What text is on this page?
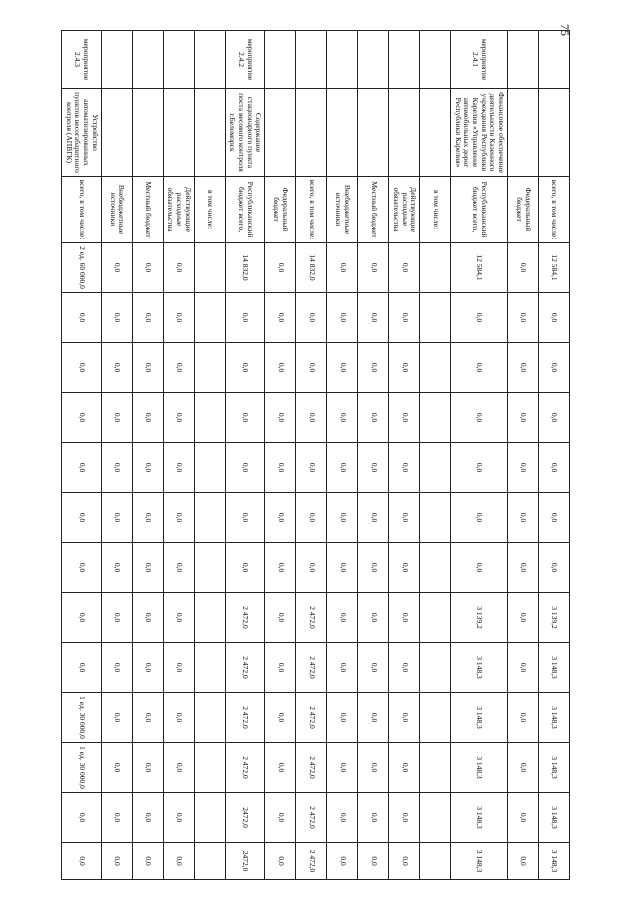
75
		всего, в том числе:	12 584,1	0,0	0,0	0,0	0,0	0,0	0,0	3 139,2	3 148,3	3 148,3	3 148,3	3 148,3	3 148,3
		Федеральный бюджет	0,0	0,0	0,0	0,0	0,0	0,0	0,0	0,0	0,0	0,0	0,0	0,0	0,0
мероприятие 2.4.1	Финансовое обеспечение деятельности Казенного учреждения Республики Карелия «Управление автомобильных дорог Республики Карелия»	Республиканский бюджет всего,	12 584,1	0,0	0,0	0,0	0,0	0,0	0,0	3 139,2	3 148,3	3 148,3	3 148,3	3 148,3	3 148,3
		в том числе:													
		Действующие расходные обязательства	0,0	0,0	0,0	0,0	0,0	0,0	0,0	0,0	0,0	0,0	0,0	0,0	0,0
		Местный бюджет	0,0	0,0	0,0	0,0	0,0	0,0	0,0	0,0	0,0	0,0	0,0	0,0	0,0
		Внебюджетные источники	0,0	0,0	0,0	0,0	0,0	0,0	0,0	0,0	0,0	0,0	0,0	0,0	0,0
		всего, в том числе:	14 832,0	0,0	0,0	0,0	0,0	0,0	0,0	2 472,0	2 472,0	2 472,0	2 472,0	2 472,0	2 472,0
		Федеральный бюджет	0,0	0,0	0,0	0,0	0,0	0,0	0,0	0,0	0,0	0,0	0,0	0,0	0,0
мероприятие 2.4.2	Содержание стационарного пункта поста весового контроля г.Беломорск	Республиканский бюджет всего,	14 832,0	0,0	0,0	0,0	0,0	0,0	0,0	2 472,0	2 472,0	2 472,0	2 472,0	2472,0	2472,0
		в том числе:													
		Действующие расходные обязательства	0,0	0,0	0,0	0,0	0,0	0,0	0,0	0,0	0,0	0,0	0,0	0,0	0,0
		Местный бюджет	0,0	0,0	0,0	0,0	0,0	0,0	0,0	0,0	0,0	0,0	0,0	0,0	0,0
		Внебюджетные источники	0,0	0,0	0,0	0,0	0,0	0,0	0,0	0,0	0,0	0,0	0,0	0,0	0,0
мероприятие 2.4.3	Устройство автоматизированных пунктов весогабаритного контроля (АПВГК)	всего, в том числе:	2 ед. 60 000,0	0,0	0,0	0,0	0,0	0,0	0,0	0,0	0,0	1 ед. 30 000,0	1 ед. 30 000,0	0,0	0,0
